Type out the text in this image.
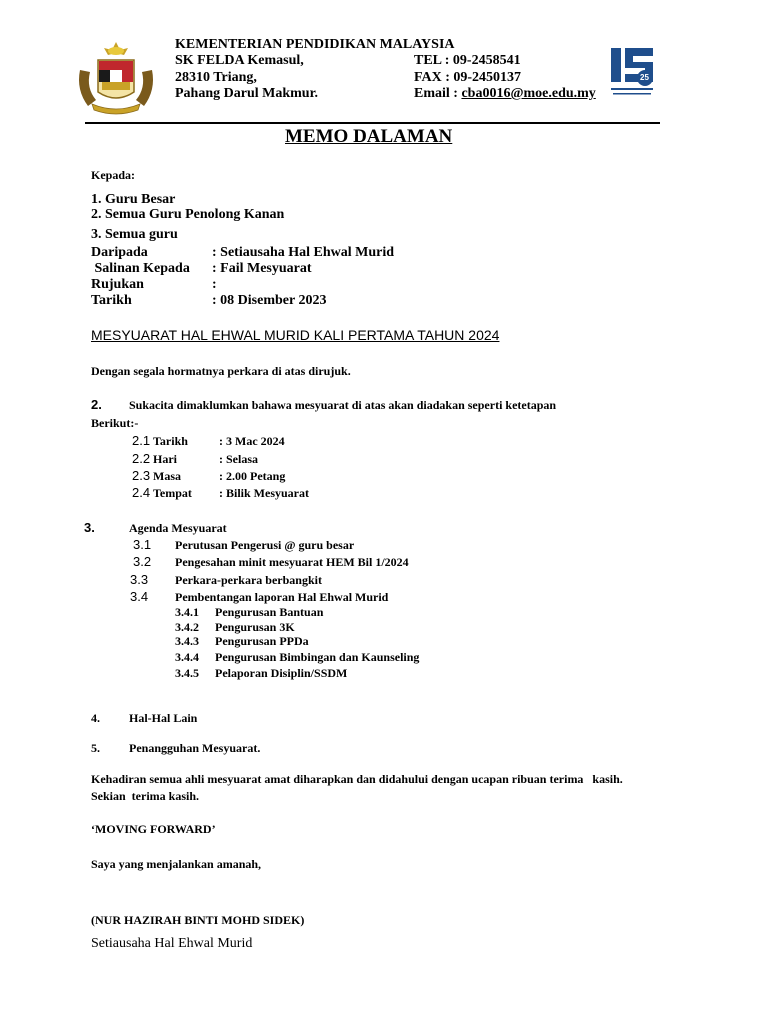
KEMENTERIAN PENDIDIKAN MALAYSIA
SK FELDA Kemasul,
28310 Triang,
Pahang Darul Makmur.
TEL : 09-2458541
FAX : 09-2450137
Email : cba0016@moe.edu.my
25
MEMO DALAMAN
Kepada:
1. Guru Besar
2. Semua Guru Penolong Kanan
3. Semua guru
Daripada	: Setiausaha Hal Ehwal Murid
Salinan Kepada : Fail Mesyuarat
Rujukan	:
Tarikh	: 08 Disember 2023
MESYUARAT HAL EHWAL MURID KALI PERTAMA TAHUN 2024
Dengan segala hormatnya perkara di atas dirujuk.
2. Sukacita dimaklumkan bahawa mesyuarat di atas akan diadakan seperti ketetapan
Berikut:-
2.1 Tarikh	: 3 Mac 2024
2.2 Hari	: Selasa
2.3 Masa	: 2.00 Petang
2.4 Tempat : Bilik Mesyuarat
3.	Agenda Mesyuarat
3.1 Perutusan Pengerusi @ guru besar
3.2 Pengesahan minit mesyuarat HEM Bil 1/2024
3.3 Perkara-perkara berbangkit
3.4 Pembentangan laporan Hal Ehwal Murid
3.4.1 Pengurusan Bantuan
3.4.2 Pengurusan 3K
3.4.3 Pengurusan PPDa
3.4.4 Pengurusan Bimbingan dan Kaunseling
3.4.5 Pelaporan Disiplin/SSDM
4. Hal-Hal Lain
5. Penangguhan Mesyuarat.
Kehadiran semua ahli mesyuarat amat diharapkan dan didahului dengan ucapan ribuan terima   kasih.
Sekian  terima kasih.
‘MOVING FORWARD’
Saya yang menjalankan amanah,
(NUR HAZIRAH BINTI MOHD SIDEK)
Setiausaha Hal Ehwal Murid
